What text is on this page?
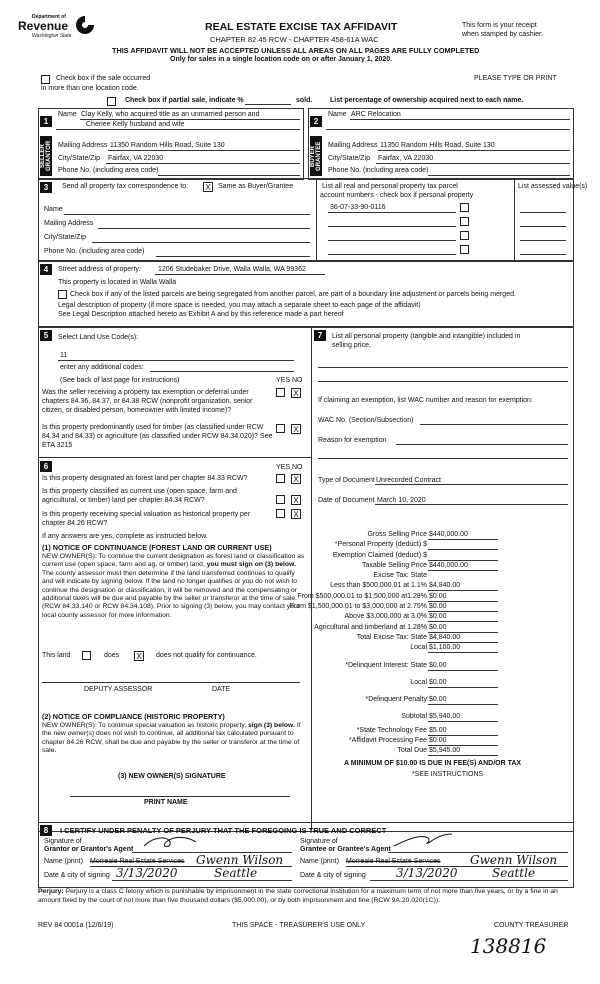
Department of
Revenue
Washington State
REAL ESTATE EXCISE TAX AFFIDAVIT
CHAPTER 82.45 RCW - CHAPTER 458-61A WAC
This form is your receipt
when stamped by cashier.
THIS AFFIDAVIT WILL NOT BE ACCEPTED UNLESS ALL AREAS ON ALL PAGES ARE FULLY COMPLETED
Only for sales in a single location code on or after January 1, 2020.
Check box if the sale occurred
in more than one location code.
PLEASE TYPE OR PRINT
Check box if partial sale, indicate %	sold.	List percentage of ownership acquired next to each name.
1	2
SELLER GRANTOR	BUYER GRANTEE
Name Clay Kelly, who acquired title as an unmarried person and
Cheriee Kelly husband and wife
Mailing Address 11350 Random Hills Road, Suite 130
City/State/Zip Fairfax, VA 22030
Phone No. (including area code)
Name ARC Relocation
Mailing Address 11350 Random Hills Road, Suite 130
City/State/Zip Fairfax, VA 22030
Phone No. (including area code)
3	Send all property tax correspondence to: X	Same as Buyer/Grantee	List all real and personal property tax parcel
account numbers - check box if personal property
List assessed value(s)
36-07-33-90-0116
Name
Mailing Address
City/State/Zip
Phone No. (including area code)
4	Street address of property: 1206 Studebaker Drive, Walla Walla, WA 99362
This property is located in Walla Walla
Check box if any of the listed parcels are being segregated from another parcel, are part of a boundary line adjustment or parcels being merged.
Legal description of property (if more space is needed, you may attach a separate sheet to each page of the affidavit)
See Legal Description attached hereto as Exhibit A and by this reference made a part hereof
5	Select Land Use Code(s):
11
enter any additional codes:
(See back of last page for instructions)	YES NO
Was the seller receiving a property tax exemption or deferral under chapters 84.36, 84.37, or 84.38 RCW (nonprofit organization, senior citizen, or disabled person, homeowner with limited income)?
X
Is this property predominantly used for timber (as classified under RCW 84.34 and 84.33) or agriculture (as classified under RCW 84.34.020)? See ETA 3215
X
6	YES NO
Is this property designated as forest land per chapter 84.33 RCW?	X
Is this property classified as current use (open space, farm and agricultural, or timber) land per chapter 84.34 RCW?	X
Is this property receiving special valuation as historical property per chapter 84.26 RCW?
X
If any answers are yes, complete as instructed below.
(1) NOTICE OF CONTINUANCE (FOREST LAND OR CURRENT USE)
NEW OWNER(S): To continue the current designation as forest land or classification as current use (open space, farm and ag, or timber) land, you must sign on (3) below. The county assessor must then determine if the land transferred continues to qualify and will indicate by signing below. If the land no longer qualifies or you do not wish to continue the designation or classification, it will be removed and the compensating or additional taxes will be due and payable by the seller or transferor at the time of sale. (RCW 84.33.140 or RCW 84.34.108). Prior to signing (3) below, you may contact your local county assessor for more information.
This land	does X	does not qualify for continuance.
DEPUTY ASSESSOR	DATE
(2) NOTICE OF COMPLIANCE (HISTORIC PROPERTY)
NEW OWNER(S): To continue special valuation as historic property, sign (3) below. If the new owner(s) does not wish to continue, all additional tax calculated pursuant to chapter 84.26 RCW, shall be due and payable by the seller or transferor at the time of sale.
(3) NEW OWNER(S) SIGNATURE
PRINT NAME
7	List all personal property (tangible and intangible) included in
selling price.
If claiming an exemption, list WAC number and reason for exemption:
WAC No. (Section/Subsection)
Reason for exemption
Type of Document Unrecorded Contract
Date of Document March 10, 2020
Gross Selling Price $440,000.00
*Personal Property (deduct) $
Exemption Claimed (deduct) $
Taxable Selling Price $440,000.00
Excise Tax: State
Less than $500,000.01 at 1.1% $4,840.00
From $500,000.01 to $1,500,000 at1.28% $0.00
From $1,500,000.01 to $3,000,000 at 2.75% $0.00
Above $3,000,000 at 3.0% $0.00
Agricultural and timberland at 1.28% $0.00
Total Excise Tax: State $4,840.00
Local $1,100.00
*Delinquent Interest: State $0.00
Local $0.00
*Delinquent Penalty $0.00
Subtotal $5,940.00
*State Technology Fee $5.00
*Affidavit Processing Fee $0.00
Total Due $5,945.00
A MINIMUM OF $10.00 IS DUE IN FEE(S) AND/OR TAX
*SEE INSTRUCTIONS
8	I CERTIFY UNDER PENALTY OF PERJURY THAT THE FOREGOING IS TRUE AND CORRECT
Signature of
Grantor or Grantor's Agent
Name (print) Morreale Real Estate Services Gwenn Wilson
Date & city of signing 3/13/2020	Seattle
Signature of
Grantee or Grantee's Agent
Name (print) Morreale Real Estate Services Gwenn Wilson
Date & city of signing	3/13/2020	Seattle
Perjury: Perjury is a class C felony which is punishable by imprisonment in the state correctional institution for a maximum term of not more than five years, or by a fine in an amount fixed by the court of not more than five thousand dollars ($5,000.00), or by both imprisonment and fine (RCW 9A.20.020(1C)).
REV 84 0001a (12/6/19)	THIS SPACE - TREASURER'S USE ONLY	COUNTY TREASURER
138816
